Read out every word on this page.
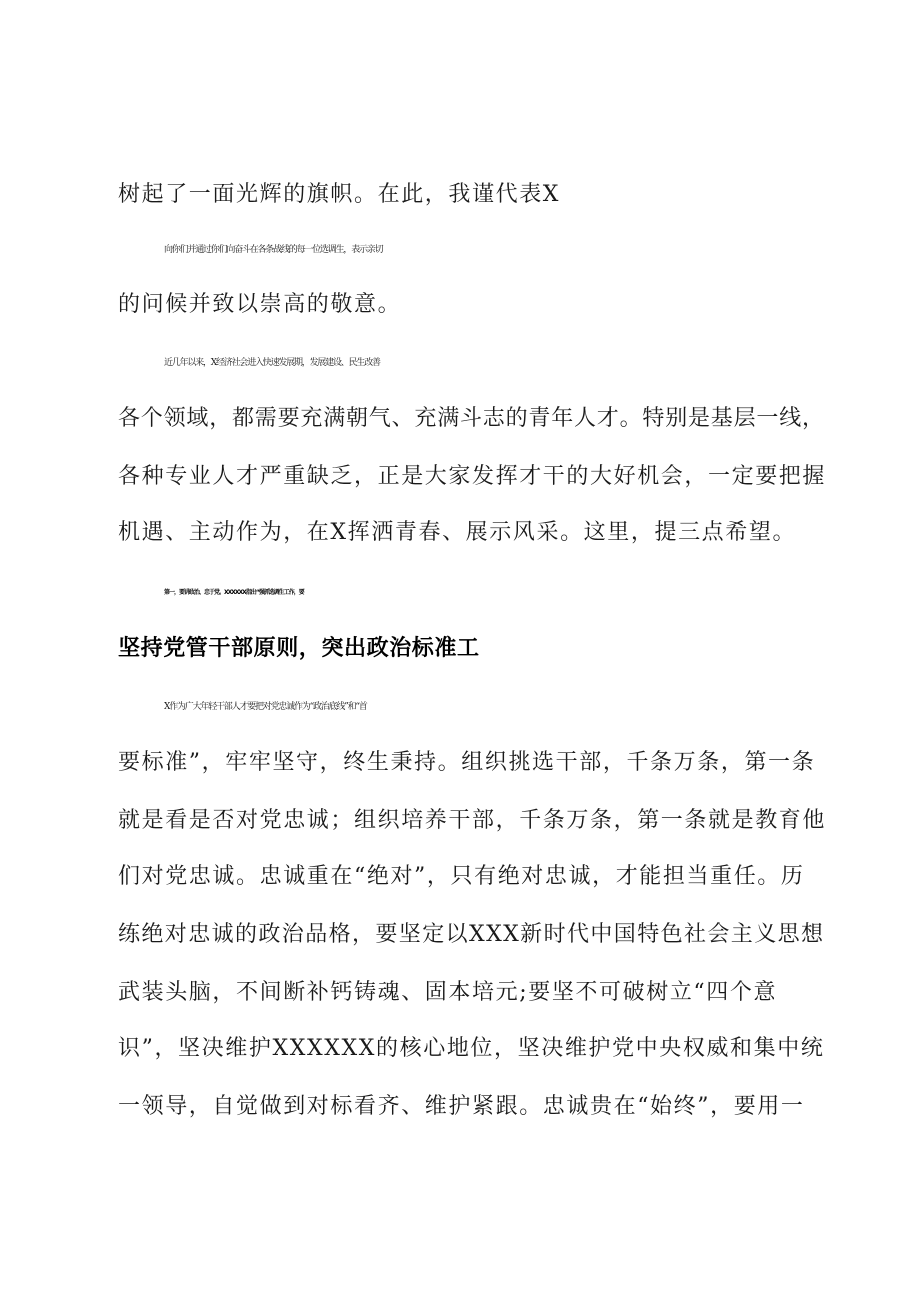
树起了一面光辉的旗帜。在此，我谨代表X
向你们并通过你们向奋斗在各条战线的每一位选调生，表示亲切
的问候并致以崇高的敬意。
近几年以来，X经济社会进入快速发展期，发展建设、民生改善
各个领域，都需要充满朝气、充满斗志的青年人才。特别是基层一线，
各种专业人才严重缺乏，正是大家发挥才干的大好机会，一定要把握
机遇、主动作为，在X挥洒青春、展示风采。这里，提三点希望。
第一，要讲政治、忠于党。XXXXXX指出“强抓选调生工作，要
坚持党管干部原则，突出政治标准工
X作为广大年轻干部人才要把对党忠诚作为“政治底线”和“首
要标准”，牢牢坚守，终生秉持。组织挑选干部，千条万条，第一条
就是看是否对党忠诚；组织培养干部，千条万条，第一条就是教育他
们对党忠诚。忠诚重在“绝对”，只有绝对忠诚，才能担当重任。历
练绝对忠诚的政治品格，要坚定以XXX新时代中国特色社会主义思想
武装头脑，不间断补钙铸魂、固本培元;要坚不可破树立“四个意
识”，坚决维护XXXXXX的核心地位，坚决维护党中央权威和集中统
一领导，自觉做到对标看齐、维护紧跟。忠诚贵在“始终”，要用一
